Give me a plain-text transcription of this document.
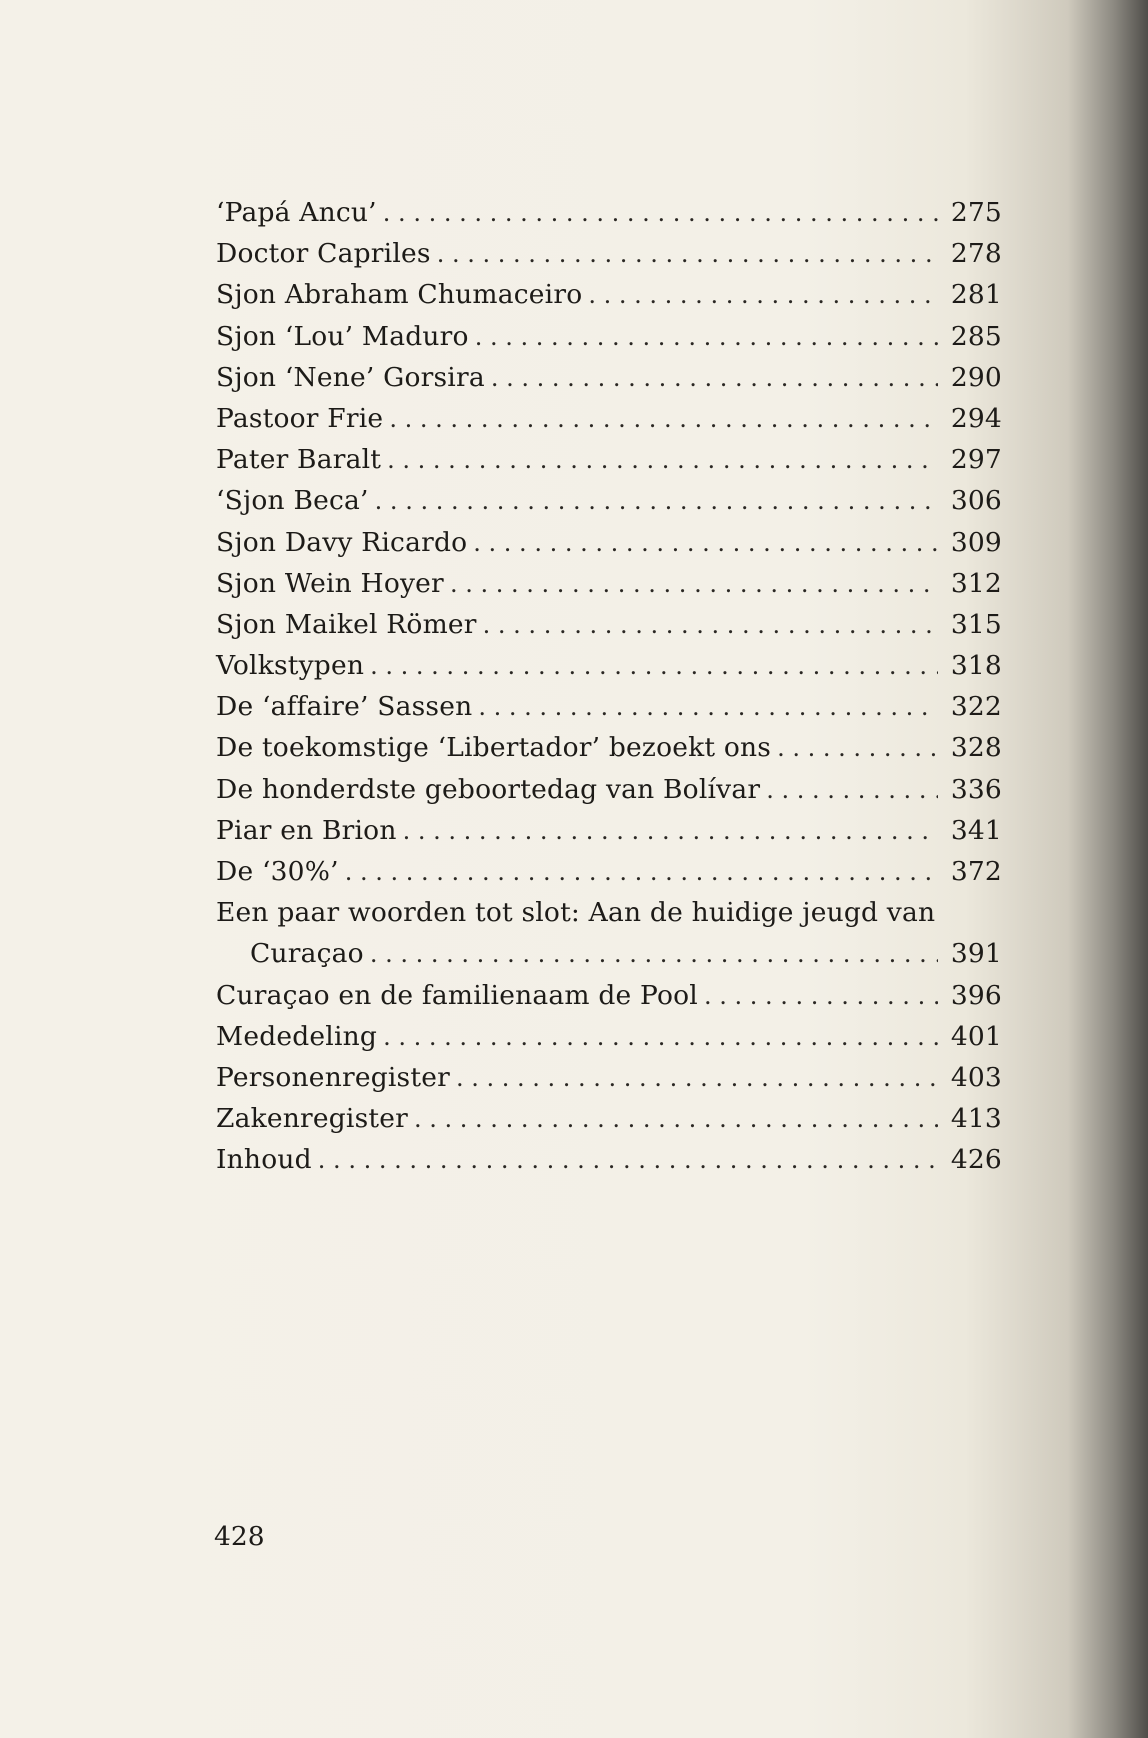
‘Papá Ancu’ . . .	275
Doctor Capriles . . .	278
Sjon Abraham Chumaceiro . . .	281
Sjon ‘Lou’ Maduro . . .	285
Sjon ‘Nene’ Gorsira . . .	290
Pastoor Frie . . .	294
Pater Baralt . . .	297
‘Sjon Beca’ . . .	306
Sjon Davy Ricardo . . .	309
Sjon Wein Hoyer . . .	312
Sjon Maikel Römer . . .	315
Volkstypen . . .	318
De ‘affaire’ Sassen . . .	322
De toekomstige ‘Libertador’ bezoekt ons . . .	328
De honderdste geboortedag van Bolívar . . .	336
Piar en Brion . . .	341
De ‘30%’ . . .	372
Een paar woorden tot slot: Aan de huidige jeugd van
Curaçao . . .	391
Curaçao en de familienaam de Pool . . .	396
Mededeling . . .	401
Personenregister . . .	403
Zakenregister . . .	413
Inhoud . . .	426
428
